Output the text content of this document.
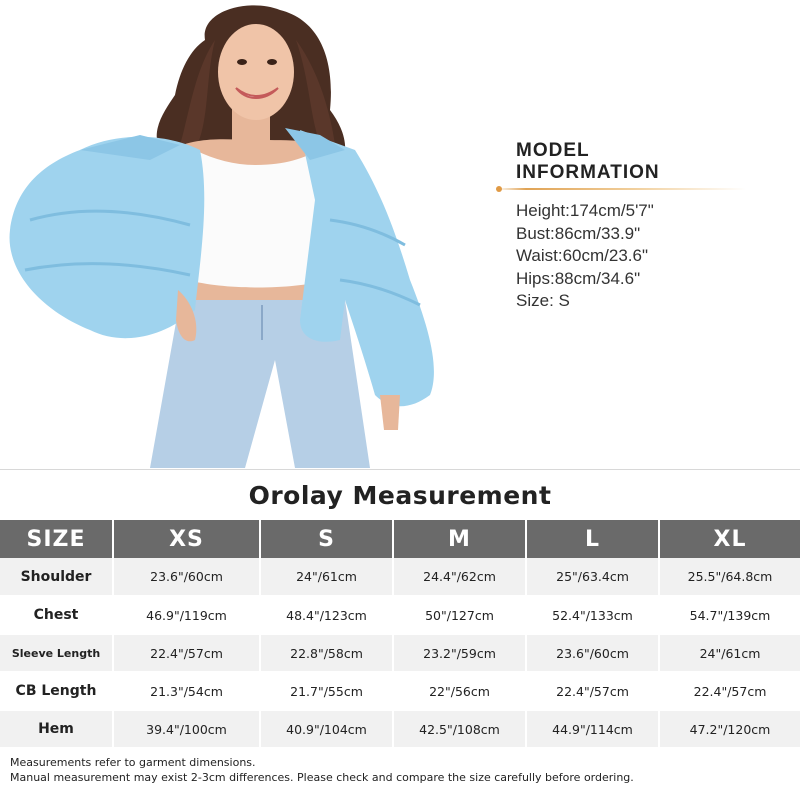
MODEL
INFORMATION
Height:174cm/5'7"
Bust:86cm/33.9"
Waist:60cm/23.6"
Hips:88cm/34.6"
Size: S
Orolay Measurement
SIZE	XS	S	M	L	XL
Shoulder	23.6"/60cm	24"/61cm	24.4"/62cm	25"/63.4cm	25.5"/64.8cm
Chest	46.9"/119cm	48.4"/123cm	50"/127cm	52.4"/133cm	54.7"/139cm
Sleeve Length	22.4"/57cm	22.8"/58cm	23.2"/59cm	23.6"/60cm	24"/61cm
CB Length	21.3"/54cm	21.7"/55cm	22"/56cm	22.4"/57cm	22.4"/57cm
Hem	39.4"/100cm	40.9"/104cm	42.5"/108cm	44.9"/114cm	47.2"/120cm
Measurements refer to garment dimensions.
Manual measurement may exist 2-3cm differences. Please check and compare the size carefully before ordering.
